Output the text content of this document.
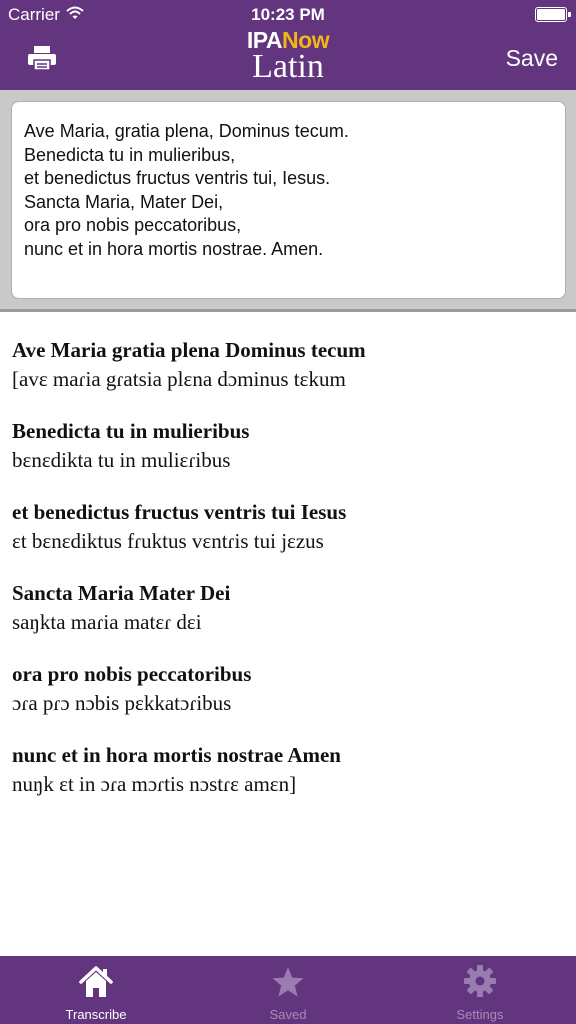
Carrier	10:23 PM
IPANow
Latin	Save
Ave Maria, gratia plena, Dominus tecum.
Benedicta tu in mulieribus,
et benedictus fructus ventris tui, Iesus.
Sancta Maria, Mater Dei,
ora pro nobis peccatoribus,
nunc et in hora mortis nostrae. Amen.
Ave Maria gratia plena Dominus tecum
[avɛ maɾia gɾatsia plɛna dɔminus tɛkum
Benedicta tu in mulieribus
bɛnɛdikta tu in muliɛɾibus
et benedictus fructus ventris tui Iesus
ɛt bɛnɛdiktus fɾuktus vɛntɾis tui jɛzus
Sancta Maria Mater Dei
saŋkta maɾia matɛɾ dɛi
ora pro nobis peccatoribus
ɔɾa pɾɔ nɔbis pɛkkatɔɾibus
nunc et in hora mortis nostrae Amen
nuŋk ɛt in ɔɾa mɔɾtis nɔstɾɛ amɛn]
Transcribe	Saved	Settings
